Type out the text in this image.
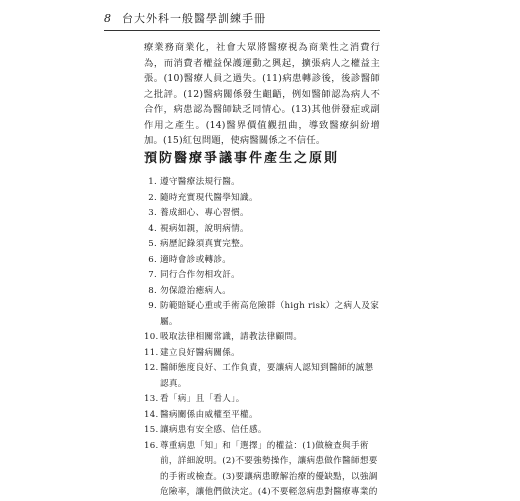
8 台大外科一般醫學訓練手冊

療業務商業化，社會大眾將醫療視為商業性之消費行為，而消費者權益保護運動之興起，擴張病人之權益主張。(10)醫療人員之過失。(11)病患轉診後，後診醫師之批評。(12)醫病關係發生齟齬，例如醫師認為病人不合作，病患認為醫師缺乏同情心。(13)其他併發症或副作用之產生。(14)醫界價值觀扭曲，導致醫療糾紛增加。(15)紅包問題，使病醫關係之不信任。

預防醫療爭議事件產生之原則
1. 遵守醫療法規行醫。
2. 隨時充實現代醫學知識。
3. 養成細心、專心習慣。
4. 視病如親，說明病情。
5. 病歷記錄須真實完整。
6. 適時會診或轉診。
7. 同行合作勿相攻訐。
8. 勿保證治癒病人。
9. 防範賠疑心重或手術高危險群（high risk）之病人及家屬。
10. 吸取法律相關常識，請教法律顧問。
11. 建立良好醫病關係。
12. 醫師態度良好、工作負責，要讓病人認知到醫師的誠懇認真。
13. 看「病」且「看人」。
14. 醫病關係由威權至平權。
15. 讓病患有安全感、信任感。
16. 尊重病患「知」和「選擇」的權益：(1)做檢查與手術前，詳細說明。(2)不要強勢操作，讓病患做作醫師想要的手術或檢查。(3)要讓病患瞭解治療的優缺點，以強調危險率，讓他們做決定。(4)不要輕忽病患對醫療專業的
